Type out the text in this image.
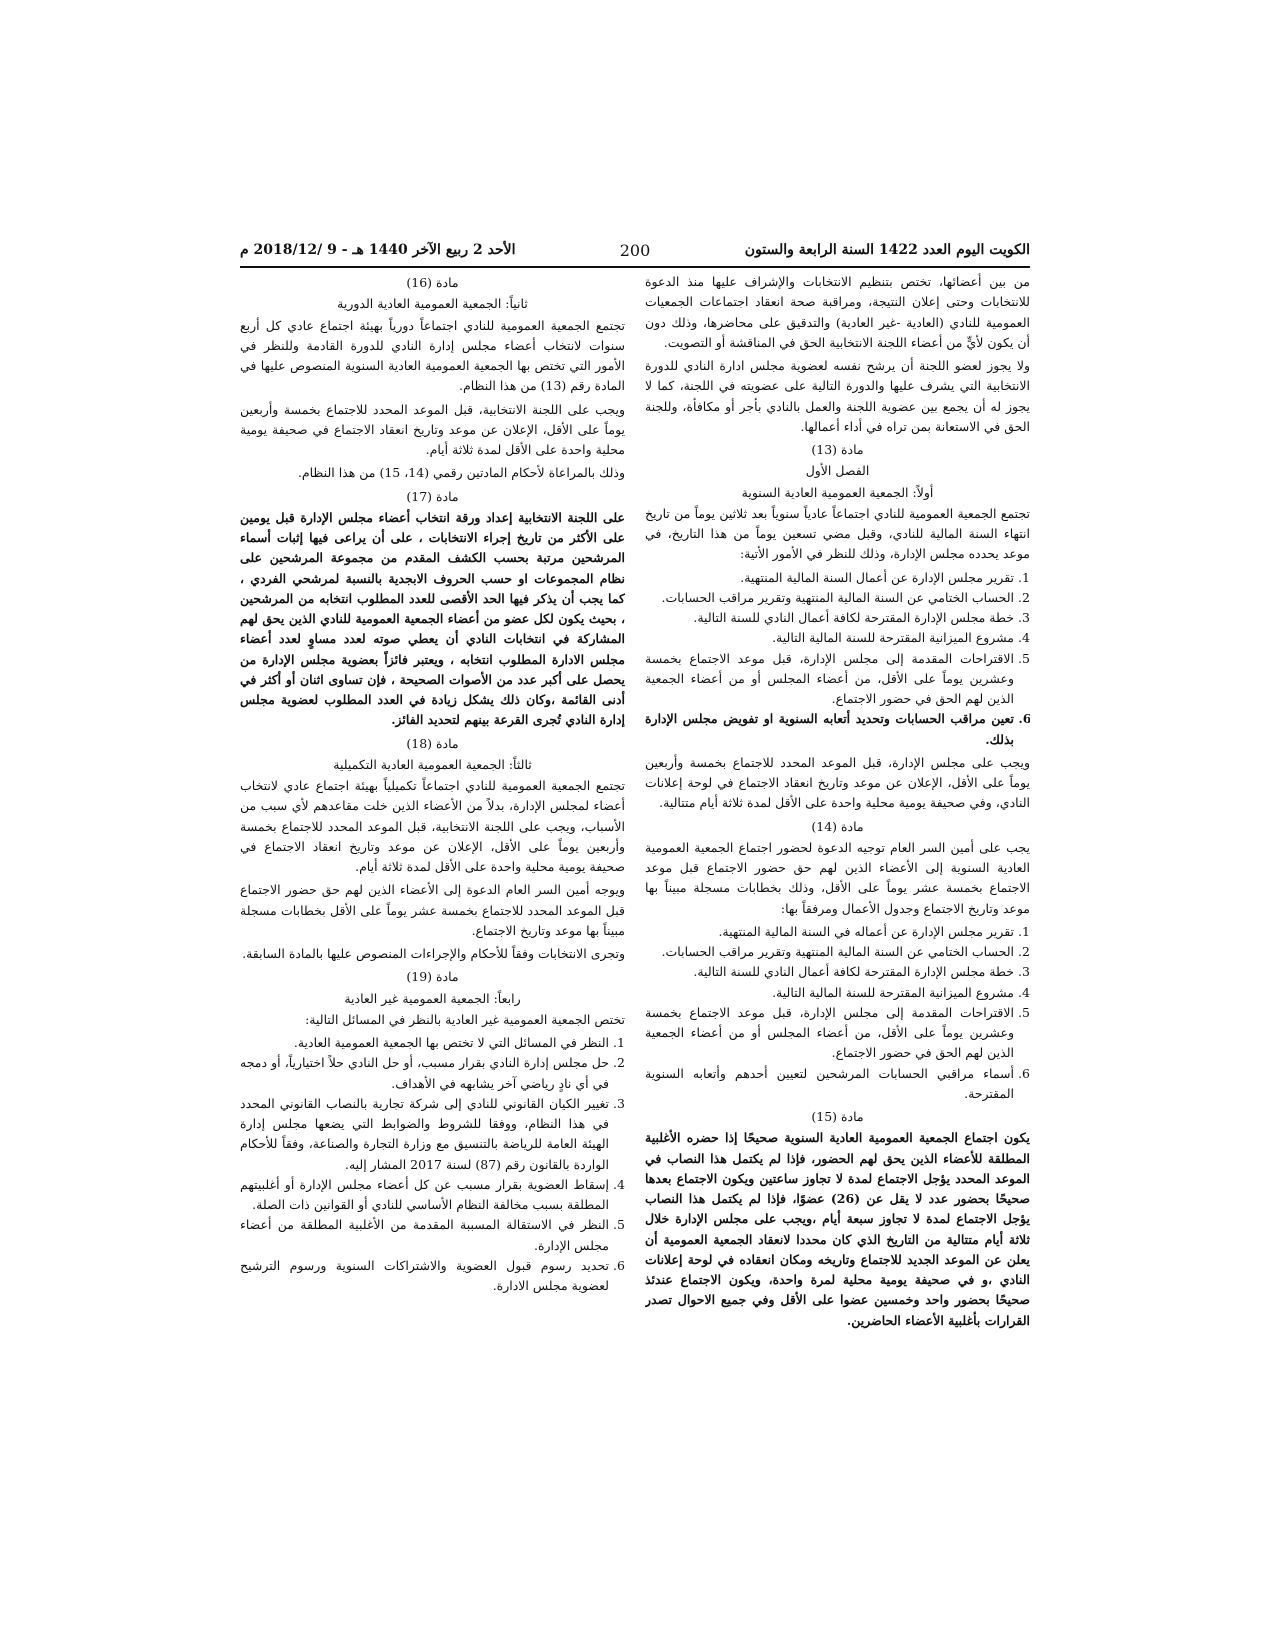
الكويت اليوم العدد 1422 السنة الرابعة والستون
200
الأحد 2 ربيع الآخر 1440 هـ - 9 /2018/12 م

من بين أعضائها، تختص بتنظيم الانتخابات والإشراف عليها منذ الدعوة للانتخابات وحتى إعلان النتيجة، ومراقبة صحة انعقاد اجتماعات الجمعيات العمومية للنادي (العادية -غير العادية) والتدقيق على محاضرها، وذلك دون أن يكون لأيٍّ من أعضاء اللجنة الانتخابية الحق في المناقشة أو التصويت.

ولا يجوز لعضو اللجنة أن يرشح نفسه لعضوية مجلس ادارة النادي للدورة الانتخابية التي يشرف عليها والدورة التالية على عضويته في اللجنة، كما لا يجوز له أن يجمع بين عضوية اللجنة والعمل بالنادي بأجر أو مكافأة، وللجنة الحق في الاستعانة بمن تراه في أداء أعمالها.

مادة (13)
الفصل الأول
أولاً: الجمعية العمومية العادية السنوية

تجتمع الجمعية العمومية للنادي اجتماعاً عادياً سنوياً بعد ثلاثين يوماً من تاريخ انتهاء السنة المالية للنادي، وقبل مضي تسعين يوماً من هذا التاريخ، في موعد يحدده مجلس الإدارة، وذلك للنظر في الأمور الأتية:

1. تقرير مجلس الإدارة عن أعمال السنة المالية المنتهية.
2. الحساب الختامي عن السنة المالية المنتهية وتقرير مراقب الحسابات.
3. خطة مجلس الإدارة المقترحة لكافة أعمال النادي للسنة التالية.
4. مشروع الميزانية المقترحة للسنة المالية التالية.
5. الاقتراحات المقدمة إلى مجلس الإدارة، قبل موعد الاجتماع بخمسة وعشرين يوماً على الأقل، من أعضاء المجلس أو من أعضاء الجمعية الذين لهم الحق في حضور الاجتماع.
6. تعين مراقب الحسابات وتحديد أتعابه السنوية او تفويض مجلس الإدارة بذلك.

ويجب على مجلس الإدارة، قبل الموعد المحدد للاجتماع بخمسة وأربعين يوماً على الأقل، الإعلان عن موعد وتاريخ انعقاد الاجتماع في لوحة إعلانات النادي، وفي صحيفة يومية محلية واحدة على الأقل لمدة ثلاثة أيام متتالية.

مادة (14)

يجب على أمين السر العام توجيه الدعوة لحضور اجتماع الجمعية العمومية العادية السنوية إلى الأعضاء الذين لهم حق حضور الاجتماع قبل موعد الاجتماع بخمسة عشر يوماً على الأقل، وذلك بخطابات مسجلة مبيناً بها موعد وتاريخ الاجتماع وجدول الأعمال ومرفقاً بها:

1. تقرير مجلس الإدارة عن أعماله في السنة المالية المنتهية.
2. الحساب الختامي عن السنة المالية المنتهية وتقرير مراقب الحسابات.
3. خطة مجلس الإدارة المقترحة لكافة أعمال النادي للسنة التالية.
4. مشروع الميزانية المقترحة للسنة المالية التالية.
5. الاقتراحات المقدمة إلى مجلس الإدارة، قبل موعد الاجتماع بخمسة وعشرين يوماً على الأقل، من أعضاء المجلس أو من أعضاء الجمعية الذين لهم الحق في حضور الاجتماع.
6. أسماء مراقبي الحسابات المرشحين لتعيين أحدهم وأتعابه السنوية المقترحة.
مادة (15)

يكون اجتماع الجمعية العمومية العادية السنوية صحيحًا إذا حضره الأغلبية المطلقة للأعضاء الذين يحق لهم الحضور، فإذا لم يكتمل هذا النصاب في الموعد المحدد يؤجل الاجتماع لمدة لا تجاوز ساعتين ويكون الاجتماع بعدها صحيحًا بحضور عدد لا يقل عن (26) عضوًا، فإذا لم يكتمل هذا النصاب يؤجل الاجتماع لمدة لا تجاوز سبعة أيام ،ويجب على مجلس الإدارة خلال ثلاثة أيام متتالية من التاريخ الذي كان محددا لانعقاد الجمعية العمومية أن يعلن عن الموعد الجديد للاجتماع وتاريخه ومكان انعقاده في لوحة إعلانات النادي ،و في صحيفة يومية محلية لمرة واحدة، ويكون الاجتماع عندئذ صحيحًا بحضور واحد وخمسين عضوا على الأقل وفي جميع الاحوال تصدر القرارات بأغلبية الأعضاء الحاضرين.

مادة (16)
ثانياً: الجمعية العمومية العادية الدورية

تجتمع الجمعية العمومية للنادي اجتماعاً دورياً بهيئة اجتماع عادي كل أربع سنوات لانتخاب أعضاء مجلس إدارة النادي للدورة القادمة وللنظر في الأمور التي تختص بها الجمعية العمومية العادية السنوية المنصوص عليها في المادة رقم (13) من هذا النظام.

ويجب على اللجنة الانتخابية، قبل الموعد المحدد للاجتماع بخمسة وأربعين يوماً على الأقل، الإعلان عن موعد وتاريخ انعقاد الاجتماع في صحيفة يومية محلية واحدة على الأقل لمدة ثلاثة أيام.

وذلك بالمراعاة لأحكام المادتين رقمي (14، 15) من هذا النظام.

مادة (17)

على اللجنة الانتخابية إعداد ورقة انتخاب أعضاء مجلس الإدارة قبل يومين على الأكثر من تاريخ إجراء الانتخابات ، على أن يراعى فيها إثبات أسماء المرشحين مرتبة بحسب الكشف المقدم من مجموعة المرشحين على نظام المجموعات او حسب الحروف الابجدية بالنسبة لمرشحي الفردي ، كما يجب أن يذكر فيها الحد الأقصى للعدد المطلوب انتخابه من المرشحين ، بحيث يكون لكل عضو من أعضاء الجمعية العمومية للنادي الذين يحق لهم المشاركة في انتخابات النادي أن يعطي صوته لعدد مساوٍ لعدد أعضاء مجلس الادارة المطلوب انتخابه ، ويعتبر فائزاً بعضوية مجلس الإدارة من يحصل على أكبر عدد من الأصوات الصحيحة ، فإن تساوى اثنان أو أكثر في أدنى القائمة ،وكان ذلك يشكل زيادة في العدد المطلوب لعضوية مجلس إدارة النادي تُجرى القرعة بينهم لتحديد الفائز.

مادة (18)
ثالثاً: الجمعية العمومية العادية التكميلية

تجتمع الجمعية العمومية للنادي اجتماعاً تكميلياً بهيئة اجتماع عادي لانتخاب أعضاء لمجلس الإدارة، بدلاً من الأعضاء الذين خلت مقاعدهم لأي سبب من الأسباب، ويجب على اللجنة الانتخابية، قبل الموعد المحدد للاجتماع بخمسة وأربعين يوماً على الأقل، الإعلان عن موعد وتاريخ انعقاد الاجتماع في صحيفة يومية محلية واحدة على الأقل لمدة ثلاثة أيام.

ويوجه أمين السر العام الدعوة إلى الأعضاء الذين لهم حق حضور الاجتماع قبل الموعد المحدد للاجتماع بخمسة عشر يوماً على الأقل بخطابات مسجلة مبيناً بها موعد وتاريخ الاجتماع.

وتجرى الانتخابات وفقاً للأحكام والإجراءات المنصوص عليها بالمادة السابقة.

مادة (19)
رابعاً: الجمعية العمومية غير العادية

تختص الجمعية العمومية غير العادية بالنظر في المسائل التالية:

1. النظر في المسائل التي لا تختص بها الجمعية العمومية العادية.
2. حل مجلس إدارة النادي بقرار مسبب، أو حل النادي حلاً اختيارياً، أو دمجه في أي نادٍ رياضي آخر يشابهه في الأهداف.
3. تغيير الكيان القانوني للنادي إلى شركة تجارية بالنصاب القانوني المحدد في هذا النظام، ووفقا للشروط والضوابط التي يضعها مجلس إدارة الهيئة العامة للرياضة بالتنسيق مع وزارة التجارة والصناعة، وفقاً للأحكام الواردة بالقانون رقم (87) لسنة 2017 المشار إليه.
4. إسقاط العضوية بقرار مسبب عن كل أعضاء مجلس الإدارة أو أغلبيتهم المطلقة بسبب مخالفة النظام الأساسي للنادي أو القوانين ذات الصلة.
5. النظر في الاستقالة المسببة المقدمة من الأغلبية المطلقة من أعضاء مجلس الإدارة.
6. تحديد رسوم قبول العضوية والاشتراكات السنوية ورسوم الترشيح لعضوية مجلس الادارة.
